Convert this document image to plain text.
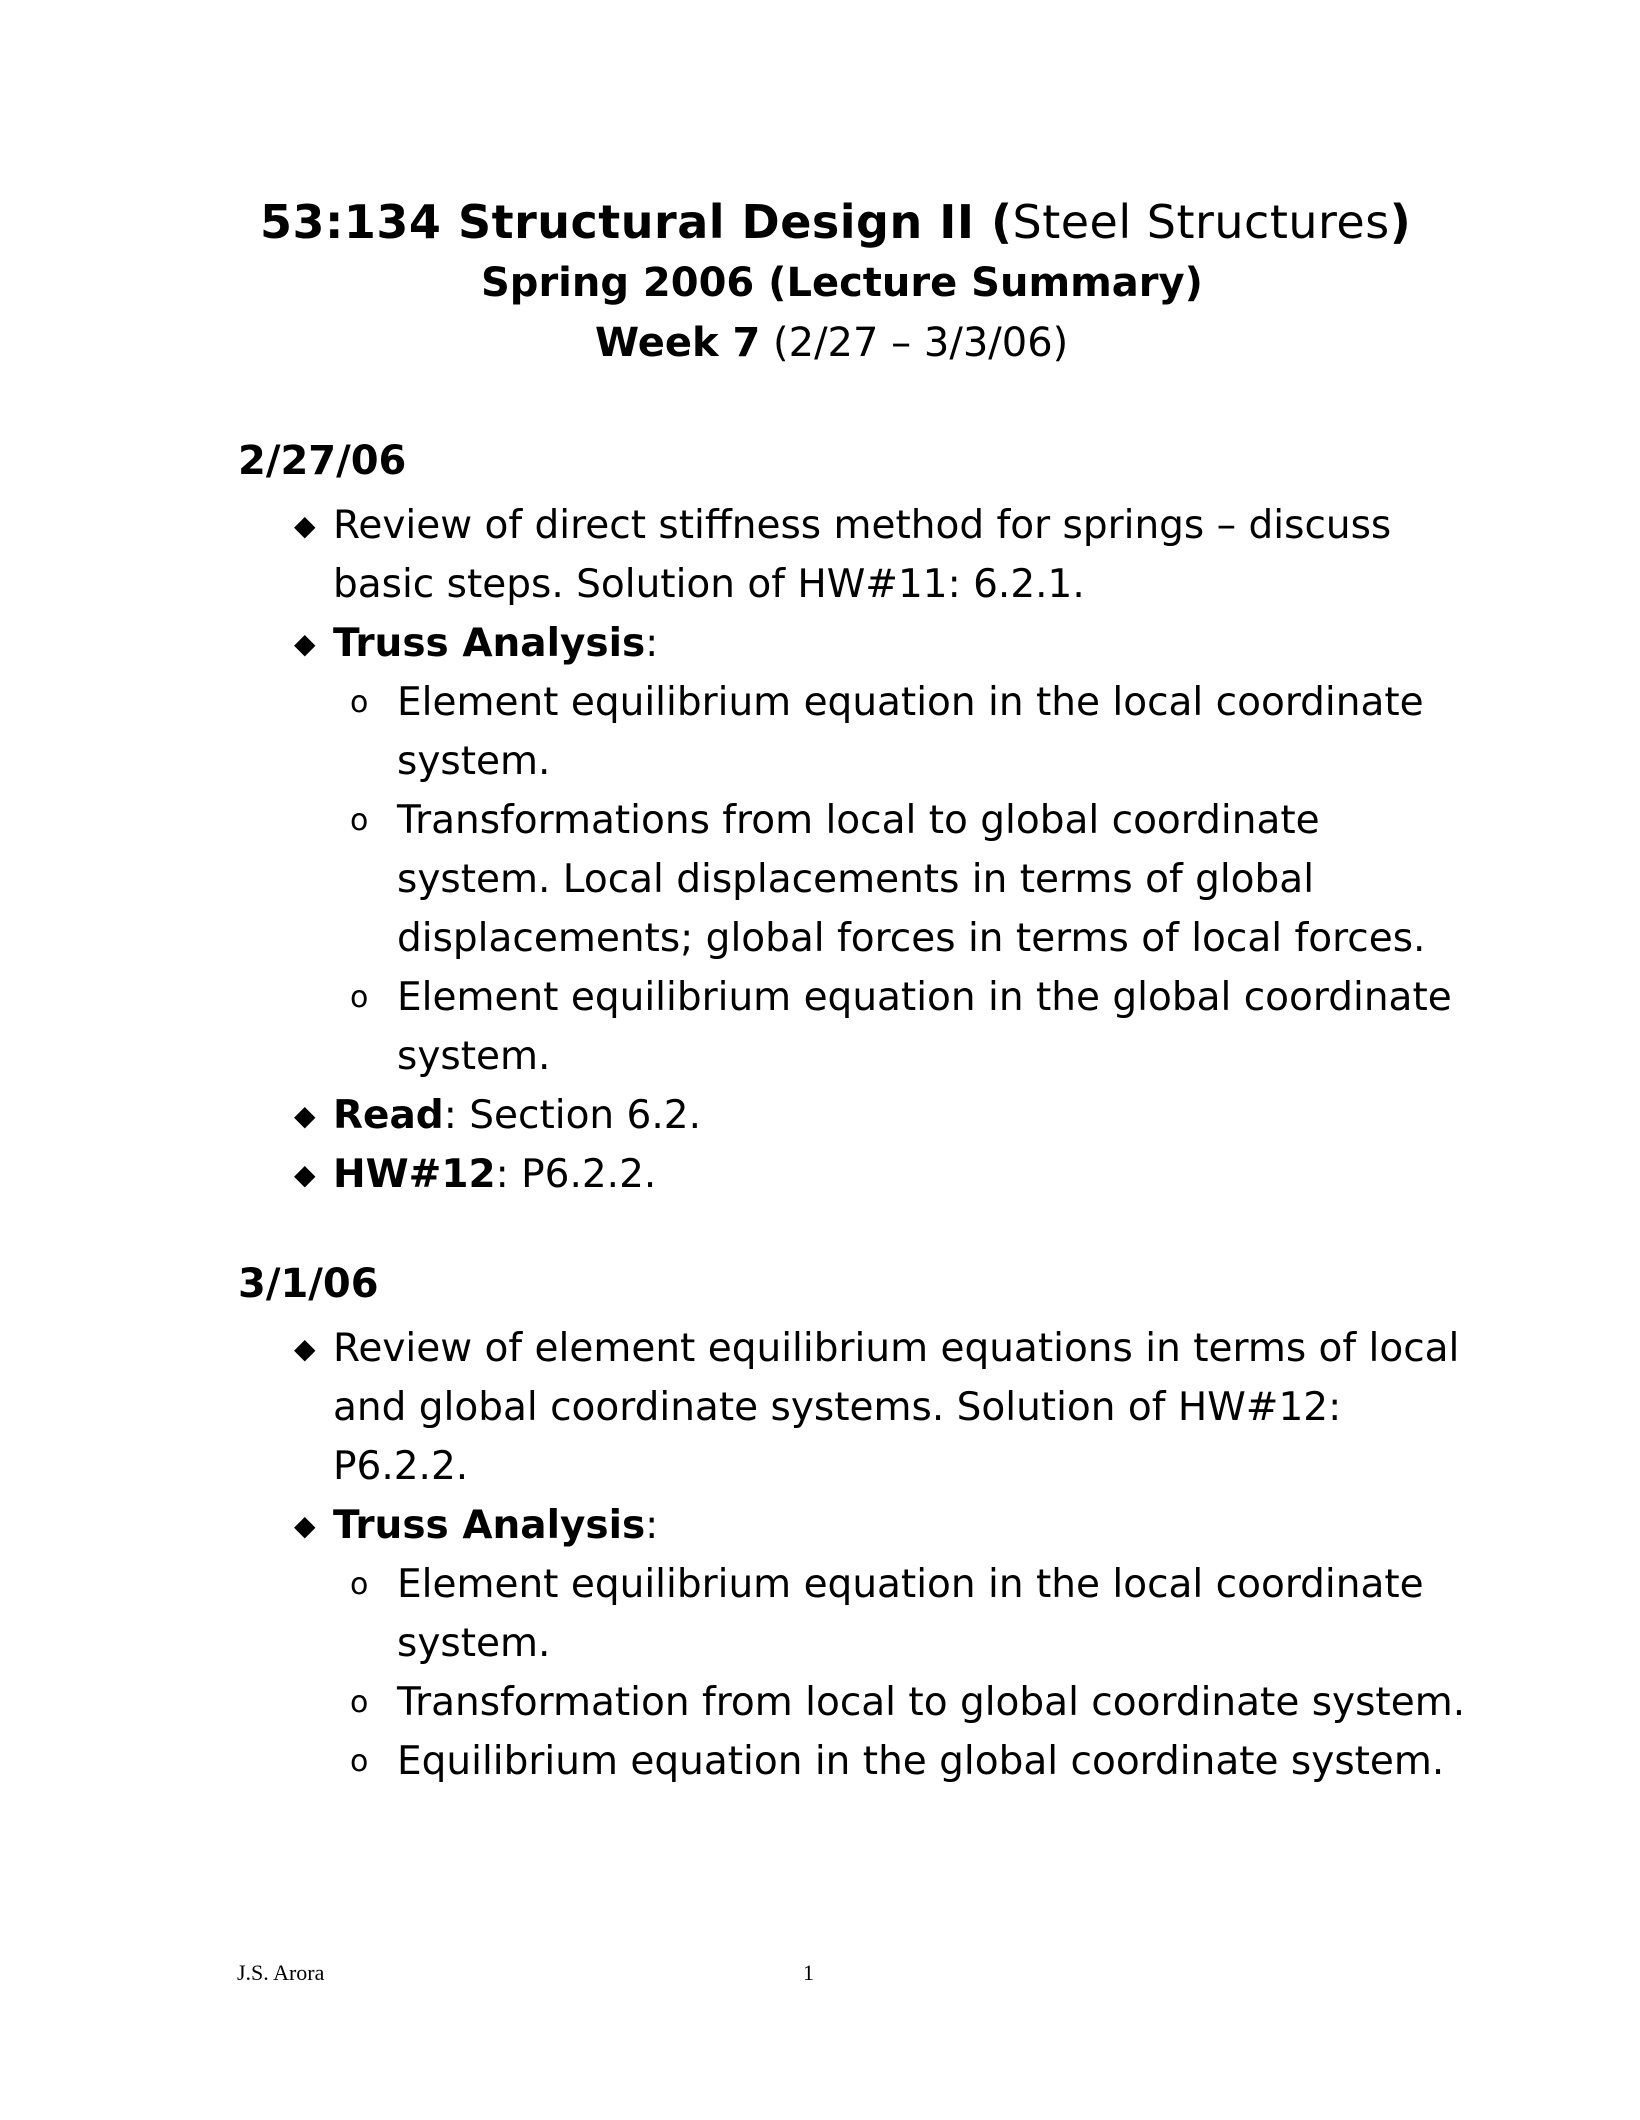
53:134 Structural Design II (Steel Structures)
Spring 2006 (Lecture Summary)
Week 7 (2/27 – 3/3/06)
2/27/06
◆ Review of direct stiffness method for springs – discuss basic steps. Solution of HW#11: 6.2.1.
◆ Truss Analysis:
o Element equilibrium equation in the local coordinate system.
o Transformations from local to global coordinate system. Local displacements in terms of global displacements; global forces in terms of local forces.
o Element equilibrium equation in the global coordinate system.
◆ Read: Section 6.2.
◆ HW#12: P6.2.2.
3/1/06
◆ Review of element equilibrium equations in terms of local and global coordinate systems. Solution of HW#12: P6.2.2.
◆ Truss Analysis:
o Element equilibrium equation in the local coordinate system.
o Transformation from local to global coordinate system.
o Equilibrium equation in the global coordinate system.
J.S. Arora	1
